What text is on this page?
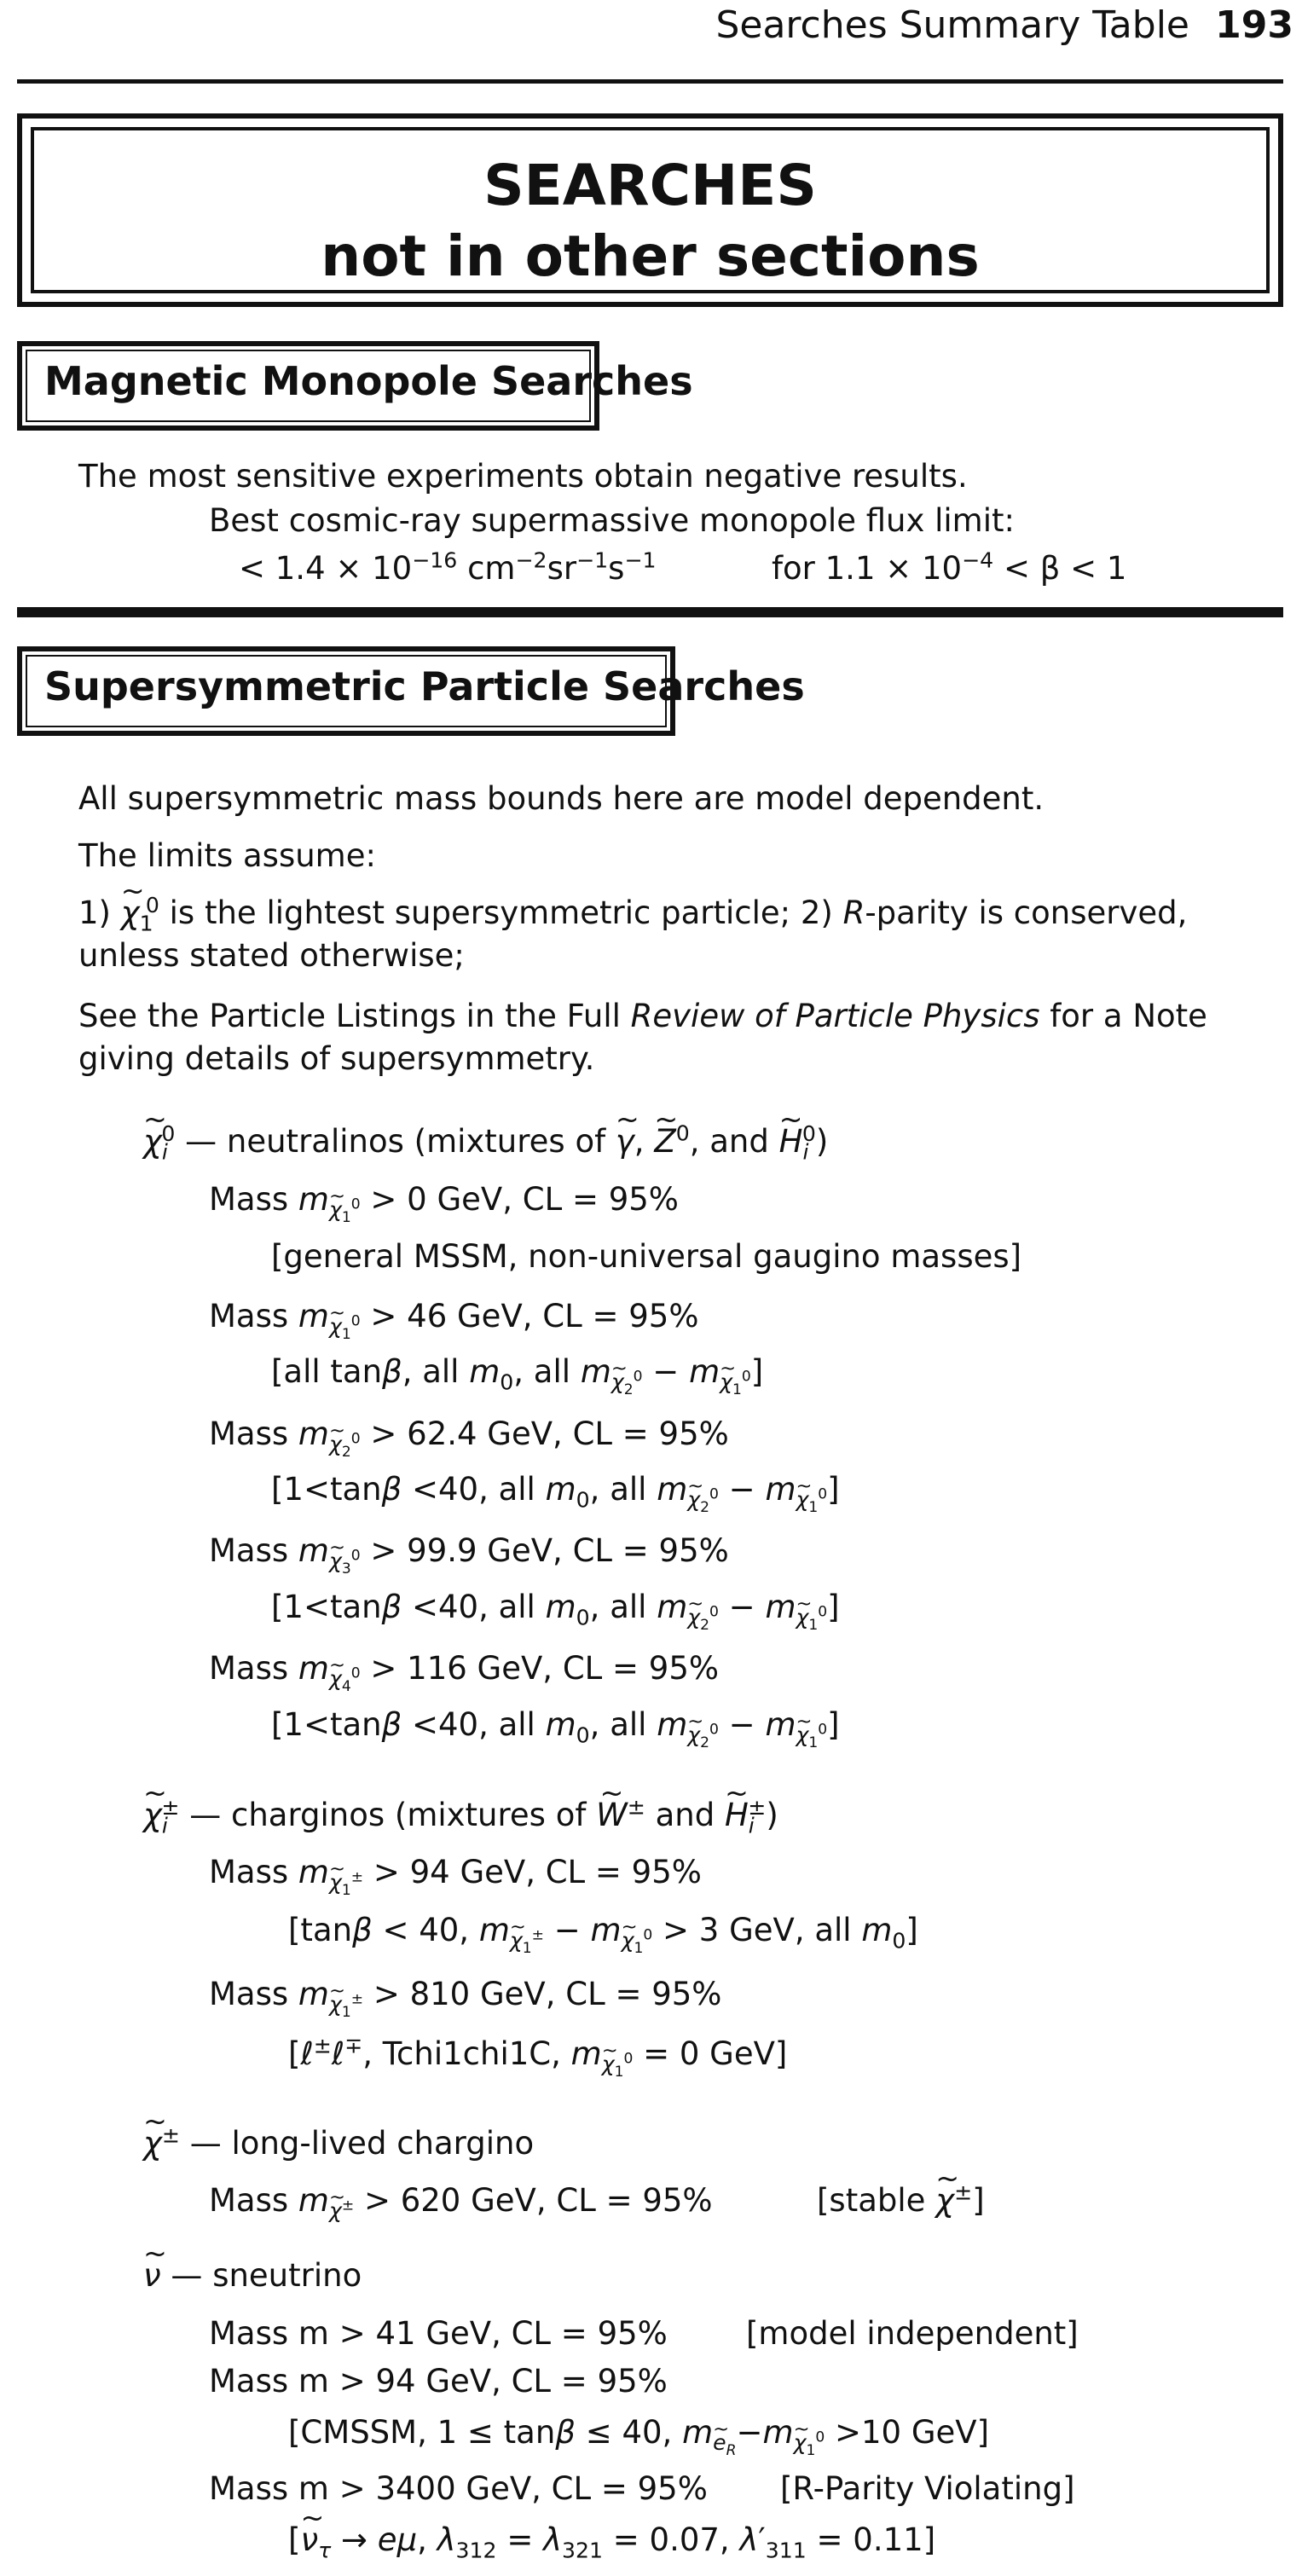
Searches Summary Table 193
SEARCHES
not in other sections
Magnetic Monopole Searches
The most sensitive experiments obtain negative results.
Best cosmic-ray supermassive monopole flux limit:
< $1.4 \times 10^{-16}$ $cm^{-2}sr^{-1}s^{-1}$	for $1.1 \times 10^{-4} < \beta < 1$
Supersymmetric Particle Searches
All supersymmetric mass bounds here are model dependent.
The limits assume:
1) ~ $\chi_1^0$ is the lightest supersymmetric particle; 2) R-parity is conserved,
unless stated otherwise;
See the Particle Listings in the Full Review of Particle Physics for a Note
giving details of supersymmetry.
~ $\chi_i^0$ — neutralinos (mixtures of ~ γ, ~ $Z^0$, and ~ $H_i^0$)
Mass $m_{\chi_1^0} > 0$ GeV, CL = 95%
[general MSSM, non-universal gaugino masses]
Mass $m_{\chi_1^0} > 46$ GeV, CL = 95%
[all tanβ, all $m_0$, all $m_{\chi_2^0} - m_{\chi_1^0}$]
Mass $m_{\chi_2^0} > 62.4$ GeV, CL = 95%
[1<tanβ <40, all $m_0$, all $m_{\chi_2^0} - m_{\chi_1^0}$]
Mass $m_{\chi_3^0} > 99.9$ GeV, CL = 95%
[1<tanβ <40, all $m_0$, all $m_{\chi_2^0} - m_{\chi_1^0}$]
Mass $m_{\chi_4^0} > 116$ GeV, CL = 95%
[1<tanβ <40, all $m_0$, all $m_{\chi_2^0} - m_{\chi_1^0}$]
~ $\chi_i^\pm$ — charginos (mixtures of ~ W± and ~ $H_i^\pm$)
Mass $m_{\chi_1^\pm} > 94$ GeV, CL = 95%
[tanβ < 40, $m_{\chi_1^\pm} - m_{\chi_1^0} > 3$ GeV, all $m_0$]
Mass $m_{\chi_1^\pm} > 810$ GeV, CL = 95%
[ℓ±ℓ∓, Tchi1chi1C, $m_{\chi_1^0} = 0$ GeV]
~ χ± — long-lived chargino
Mass $m_{\chi^\pm} > 620$ GeV, CL = 95%	[stable ~ χ±]
~ ν — sneutrino
Mass m > 41 GeV, CL = 95% [model independent]
Mass m > 94 GeV, CL = 95%
[CMSSM, 1 ≤ tanβ ≤ 40, $m_{e_R}-m_{\chi_1^0} >10$ GeV]
Mass m > 3400 GeV, CL = 95% [R-Parity Violating]
[~ $\nu_\tau \to e\mu$, $\lambda_{312} = \lambda_{321} = 0.07$, $\lambda'_{311} = 0.11$]
